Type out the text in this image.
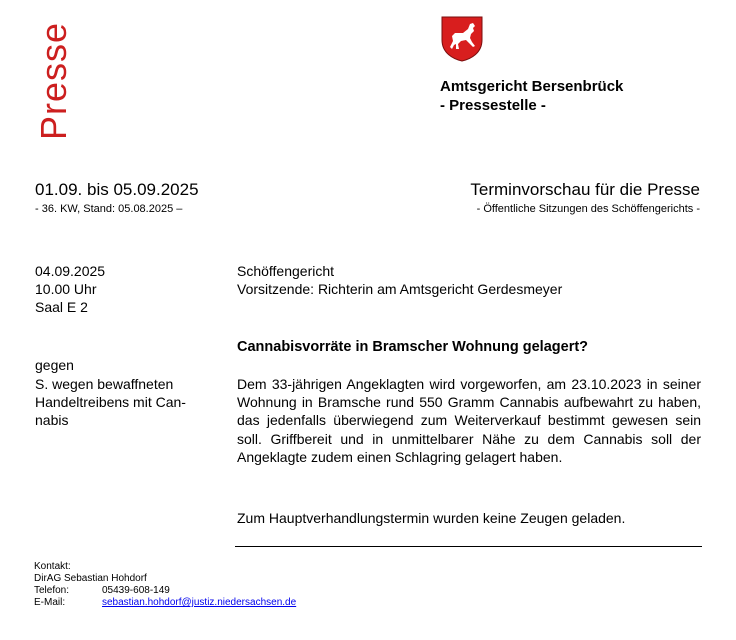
Presse	Amtsgericht Bersenbrück
- Pressestelle -
01.09. bis 05.09.2025
- 36. KW, Stand: 05.08.2025 –
Terminvorschau für die Presse
- Öffentliche Sitzungen des Schöffengerichts -
04.09.2025
10.00 Uhr
Saal E 2
Schöffengericht
Vorsitzende: Richterin am Amtsgericht Gerdesmeyer
gegen
S. wegen bewaffneten
Handeltreibens mit Can-
nabis
Cannabisvorräte in Bramscher Wohnung gelagert?
Dem 33-jährigen Angeklagten wird vorgeworfen, am 23.10.2023 in seiner Wohnung in Bramsche rund 550 Gramm Cannabis aufbewahrt zu haben, das jedenfalls überwiegend zum Weiterverkauf bestimmt gewesen sein soll. Griffbereit und in unmittelbarer Nähe zu dem Cannabis soll der Angeklagte zudem einen Schlagring gelagert haben.
Zum Hauptverhandlungstermin wurden keine Zeugen geladen.
Kontakt:
DirAG Sebastian Hohdorf
Telefon:	05439-608-149
E-Mail:	sebastian.hohdorf@justiz.niedersachsen.de
